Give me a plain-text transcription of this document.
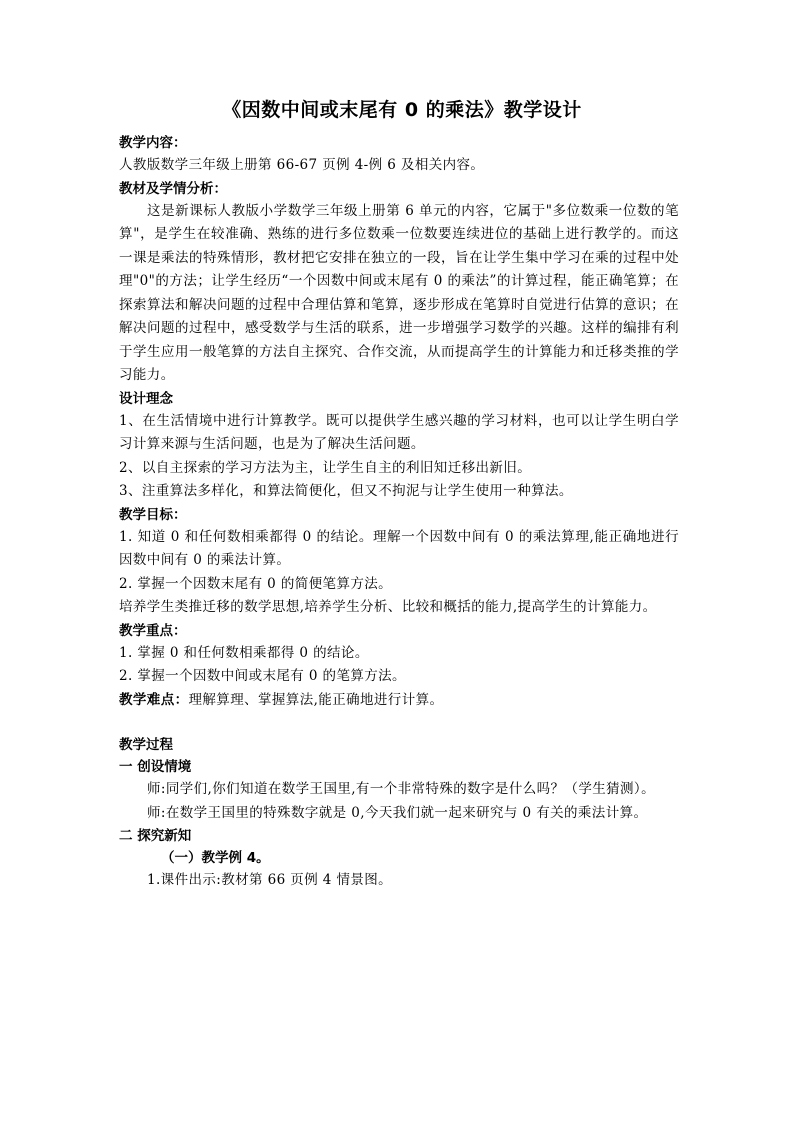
《因数中间或末尾有 0 的乘法》教学设计
教学内容：
人教版数学三年级上册第 66-67 页例 4-例 6 及相关内容。
教材及学情分析：
这是新课标人教版小学数学三年级上册第 6 单元的内容，它属于"多位数乘一位数的笔算"，是学生在较准确、熟练的进行多位数乘一位数要连续进位的基础上进行教学的。而这一课是乘法的特殊情形，教材把它安排在独立的一段，旨在让学生集中学习在乘的过程中处理"0"的方法；让学生经历“一个因数中间或末尾有 0 的乘法”的计算过程，能正确笔算；在探索算法和解决问题的过程中合理估算和笔算，逐步形成在笔算时自觉进行估算的意识；在解决问题的过程中，感受数学与生活的联系，进一步增强学习数学的兴趣。这样的编排有利于学生应用一般笔算的方法自主探究、合作交流，从而提高学生的计算能力和迁移类推的学习能力。
设计理念
1、在生活情境中进行计算教学。既可以提供学生感兴趣的学习材料，也可以让学生明白学习计算来源与生活问题，也是为了解决生活问题。
2、以自主探索的学习方法为主，让学生自主的利旧知迁移出新旧。
3、注重算法多样化，和算法简便化，但又不拘泥与让学生使用一种算法。
教学目标：
1. 知道 0 和任何数相乘都得 0 的结论。理解一个因数中间有 0 的乘法算理,能正确地进行因数中间有 0 的乘法计算。
2. 掌握一个因数末尾有 0 的简便笔算方法。
培养学生类推迁移的数学思想,培养学生分析、比较和概括的能力,提高学生的计算能力。
教学重点：
1. 掌握 0 和任何数相乘都得 0 的结论。
2. 掌握一个因数中间或末尾有 0 的笔算方法。
教学难点：理解算理、掌握算法,能正确地进行计算。
教学过程
一 创设情境
师:同学们,你们知道在数学王国里,有一个非常特殊的数字是什么吗？（学生猜测）。
师:在数学王国里的特殊数字就是 0,今天我们就一起来研究与 0 有关的乘法计算。
二 探究新知
（一）教学例 4。
1.课件出示:教材第 66 页例 4 情景图。
